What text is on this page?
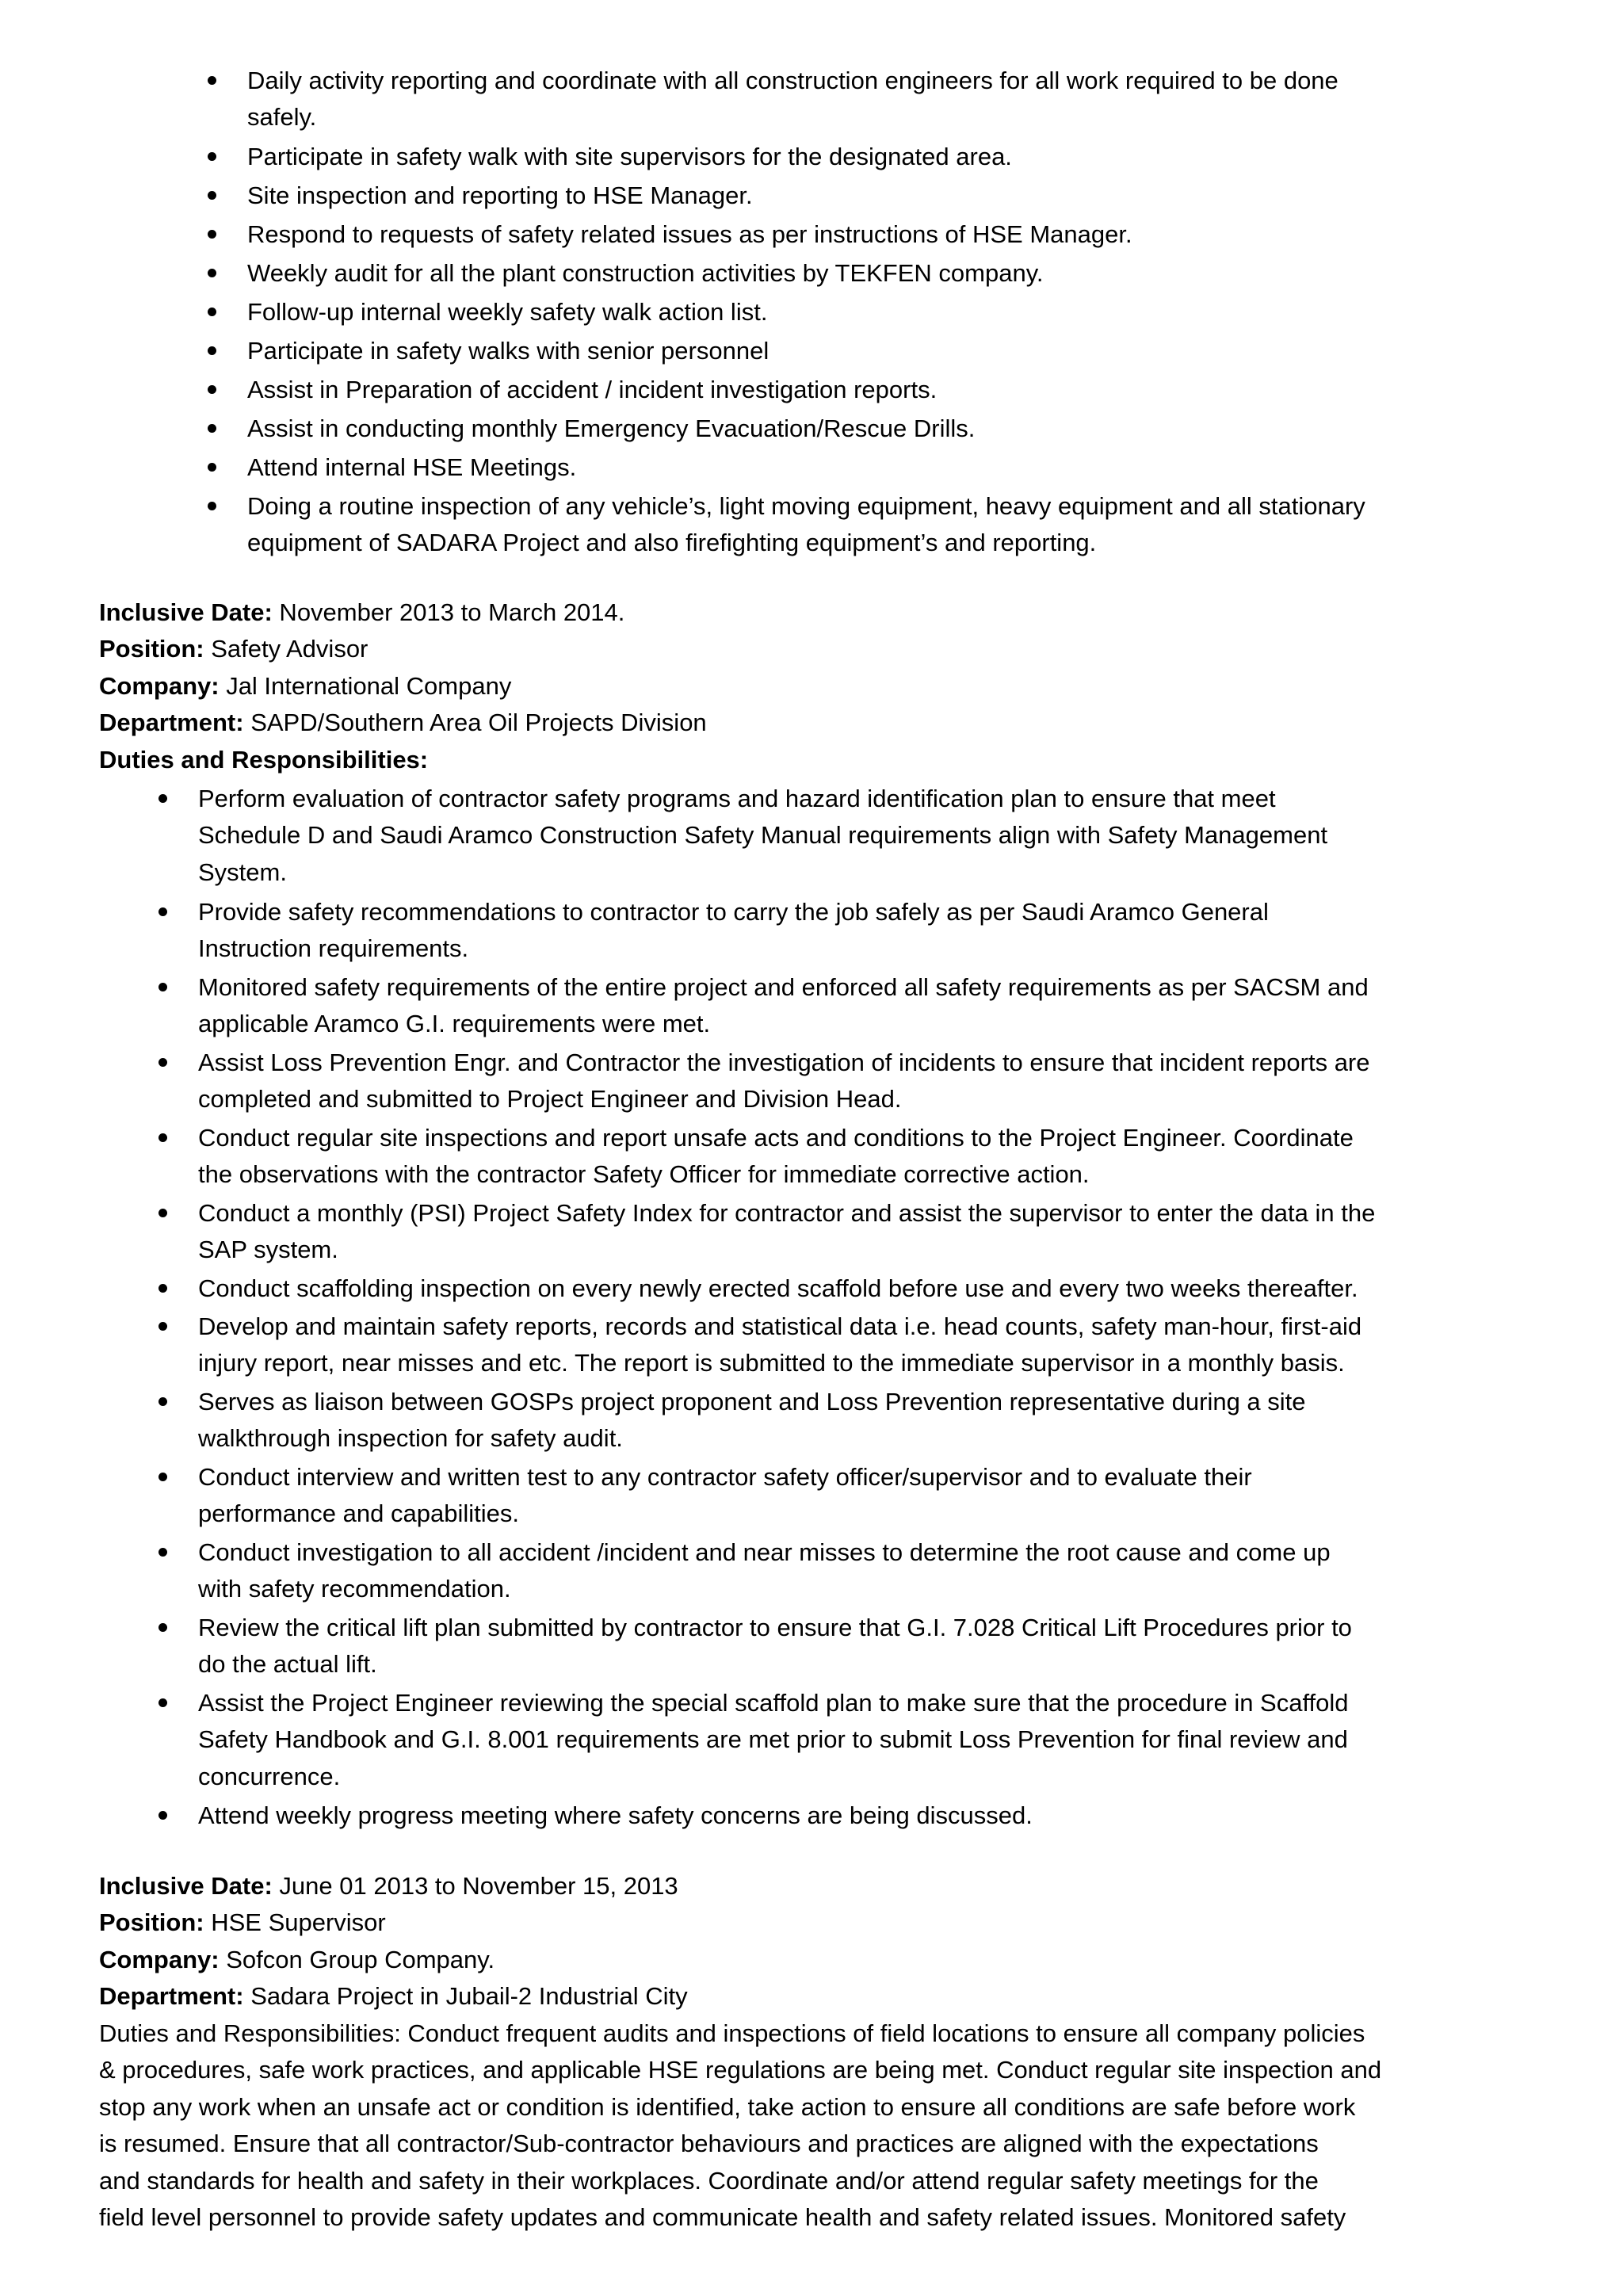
Daily activity reporting and coordinate with all construction engineers for all work required to be done

safely.

Participate in safety walk with site supervisors for the designated area.

Site inspection and reporting to HSE Manager.

Respond to requests of safety related issues as per instructions of HSE Manager.

Weekly audit for all the plant construction activities by TEKFEN company.

Follow-up internal weekly safety walk action list.

Participate in safety walks with senior personnel

Assist in Preparation of accident / incident investigation reports.

Assist in conducting monthly Emergency Evacuation/Rescue Drills.

Attend internal HSE Meetings.

Doing a routine inspection of any vehicle’s, light moving equipment, heavy equipment and all stationary

equipment of SADARA Project and also firefighting equipment’s and reporting.

Inclusive Date: November 2013 to March 2014.

Position: Safety Advisor

Company: Jal International Company

Department: SAPD/Southern Area Oil Projects Division

Duties and Responsibilities:

Perform evaluation of contractor safety programs and hazard identification plan to ensure that meet

Schedule D and Saudi Aramco Construction Safety Manual requirements align with Safety Management

System.

Provide safety recommendations to contractor to carry the job safely as per Saudi Aramco General

Instruction requirements.

Monitored safety requirements of the entire project and enforced all safety requirements as per SACSM and

applicable Aramco G.I. requirements were met.

Assist Loss Prevention Engr. and Contractor the investigation of incidents to ensure that incident reports are

completed and submitted to Project Engineer and Division Head.

Conduct regular site inspections and report unsafe acts and conditions to the Project Engineer. Coordinate

the observations with the contractor Safety Officer for immediate corrective action.

Conduct a monthly (PSI) Project Safety Index for contractor and assist the supervisor to enter the data in the

SAP system.

Conduct scaffolding inspection on every newly erected scaffold before use and every two weeks thereafter.

Develop and maintain safety reports, records and statistical data i.e. head counts, safety man-hour, first-aid

injury report, near misses and etc. The report is submitted to the immediate supervisor in a monthly basis.

Serves as liaison between GOSPs project proponent and Loss Prevention representative during a site

walkthrough inspection for safety audit.

Conduct interview and written test to any contractor safety officer/supervisor and to evaluate their

performance and capabilities.

Conduct investigation to all accident /incident and near misses to determine the root cause and come up

with safety recommendation.

Review the critical lift plan submitted by contractor to ensure that G.I. 7.028 Critical Lift Procedures prior to

do the actual lift.

Assist the Project Engineer reviewing the special scaffold plan to make sure that the procedure in Scaffold

Safety Handbook and G.I. 8.001 requirements are met prior to submit Loss Prevention for final review and

concurrence.

Attend weekly progress meeting where safety concerns are being discussed.

Inclusive Date: June 01 2013 to November 15, 2013

Position: HSE Supervisor

Company: Sofcon Group Company.

Department: Sadara Project in Jubail-2 Industrial City

Duties and Responsibilities: Conduct frequent audits and inspections of field locations to ensure all company policies

& procedures, safe work practices, and applicable HSE regulations are being met. Conduct regular site inspection and

stop any work when an unsafe act or condition is identified, take action to ensure all conditions are safe before work

is resumed. Ensure that all contractor/Sub-contractor behaviours and practices are aligned with the expectations

and standards for health and safety in their workplaces. Coordinate and/or attend regular safety meetings for the

field level personnel to provide safety updates and communicate health and safety related issues. Monitored safety
